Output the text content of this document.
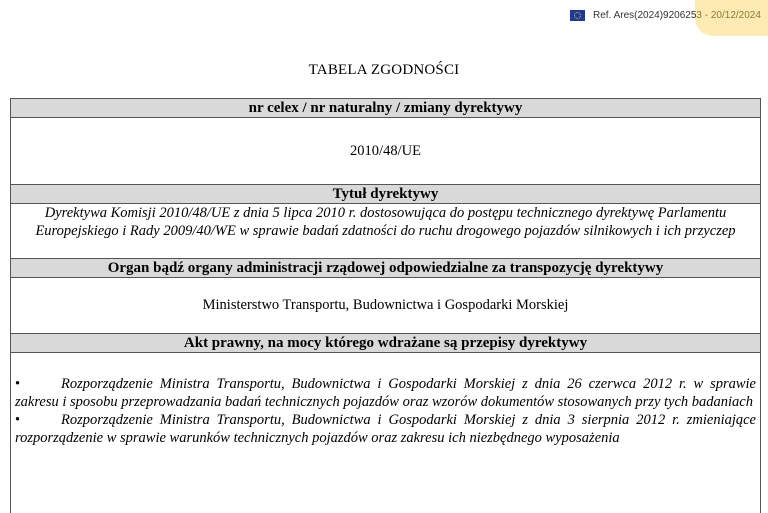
Ref. Ares(2024)920625 3 - 20/12/2024
TABELA ZGODNOŚCI
nr celex / nr naturalny / zmiany dyrektywy
2010/48/UE
Tytuł dyrektywy
Dyrektywa Komisji 2010/48/UE z dnia 5 lipca 2010 r. dostosowująca do postępu technicznego dyrektywę Parlamentu Europejskiego i Rady 2009/40/WE w sprawie badań zdatności do ruchu drogowego pojazdów silnikowych i ich przyczep
Organ bądź organy administracji rządowej odpowiedzialne za transpozycję dyrektywy
Ministerstwo Transportu, Budownictwa i Gospodarki Morskiej
Akt prawny, na mocy którego wdrażane są przepisy dyrektywy
•	Rozporządzenie Ministra Transportu, Budownictwa i Gospodarki Morskiej z dnia 26 czerwca 2012 r. w sprawie zakresu i sposobu przeprowadzania badań technicznych pojazdów oraz wzorów dokumentów stosowanych przy tych badaniach
•	Rozporządzenie Ministra Transportu, Budownictwa i Gospodarki Morskiej z dnia 3 sierpnia 2012 r. zmieniające rozporządzenie w sprawie warunków technicznych pojazdów oraz zakresu ich niezbędnego wyposażenia
